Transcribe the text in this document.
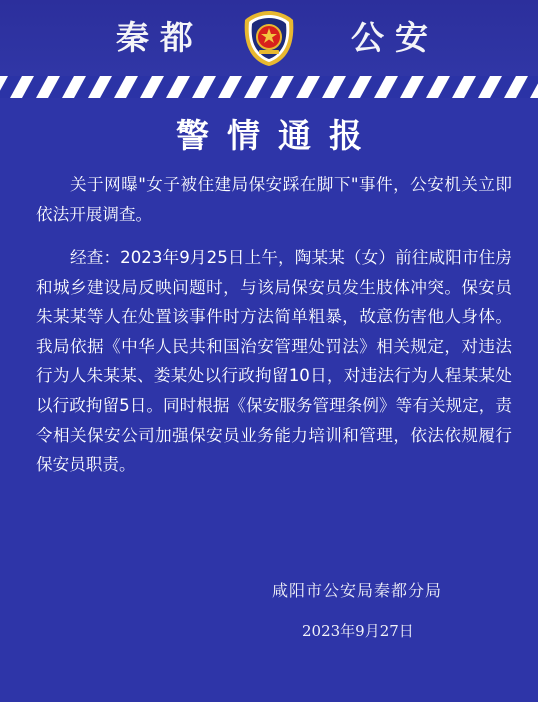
秦都	公安
警情通报

关于网曝"女子被住建局保安踩在脚下"事件，公安机关立即依法开展调查。

经查：2023年9月25日上午，陶某某（女）前往咸阳市住房和城乡建设局反映问题时，与该局保安员发生肢体冲突。保安员朱某某等人在处置该事件时方法简单粗暴，故意伤害他人身体。我局依据《中华人民共和国治安管理处罚法》相关规定，对违法行为人朱某某、娄某处以行政拘留10日，对违法行为人程某某处以行政拘留5日。同时根据《保安服务管理条例》等有关规定，责令相关保安公司加强保安员业务能力培训和管理，依法依规履行保安员职责。

咸阳市公安局秦都分局
2023年9月27日
